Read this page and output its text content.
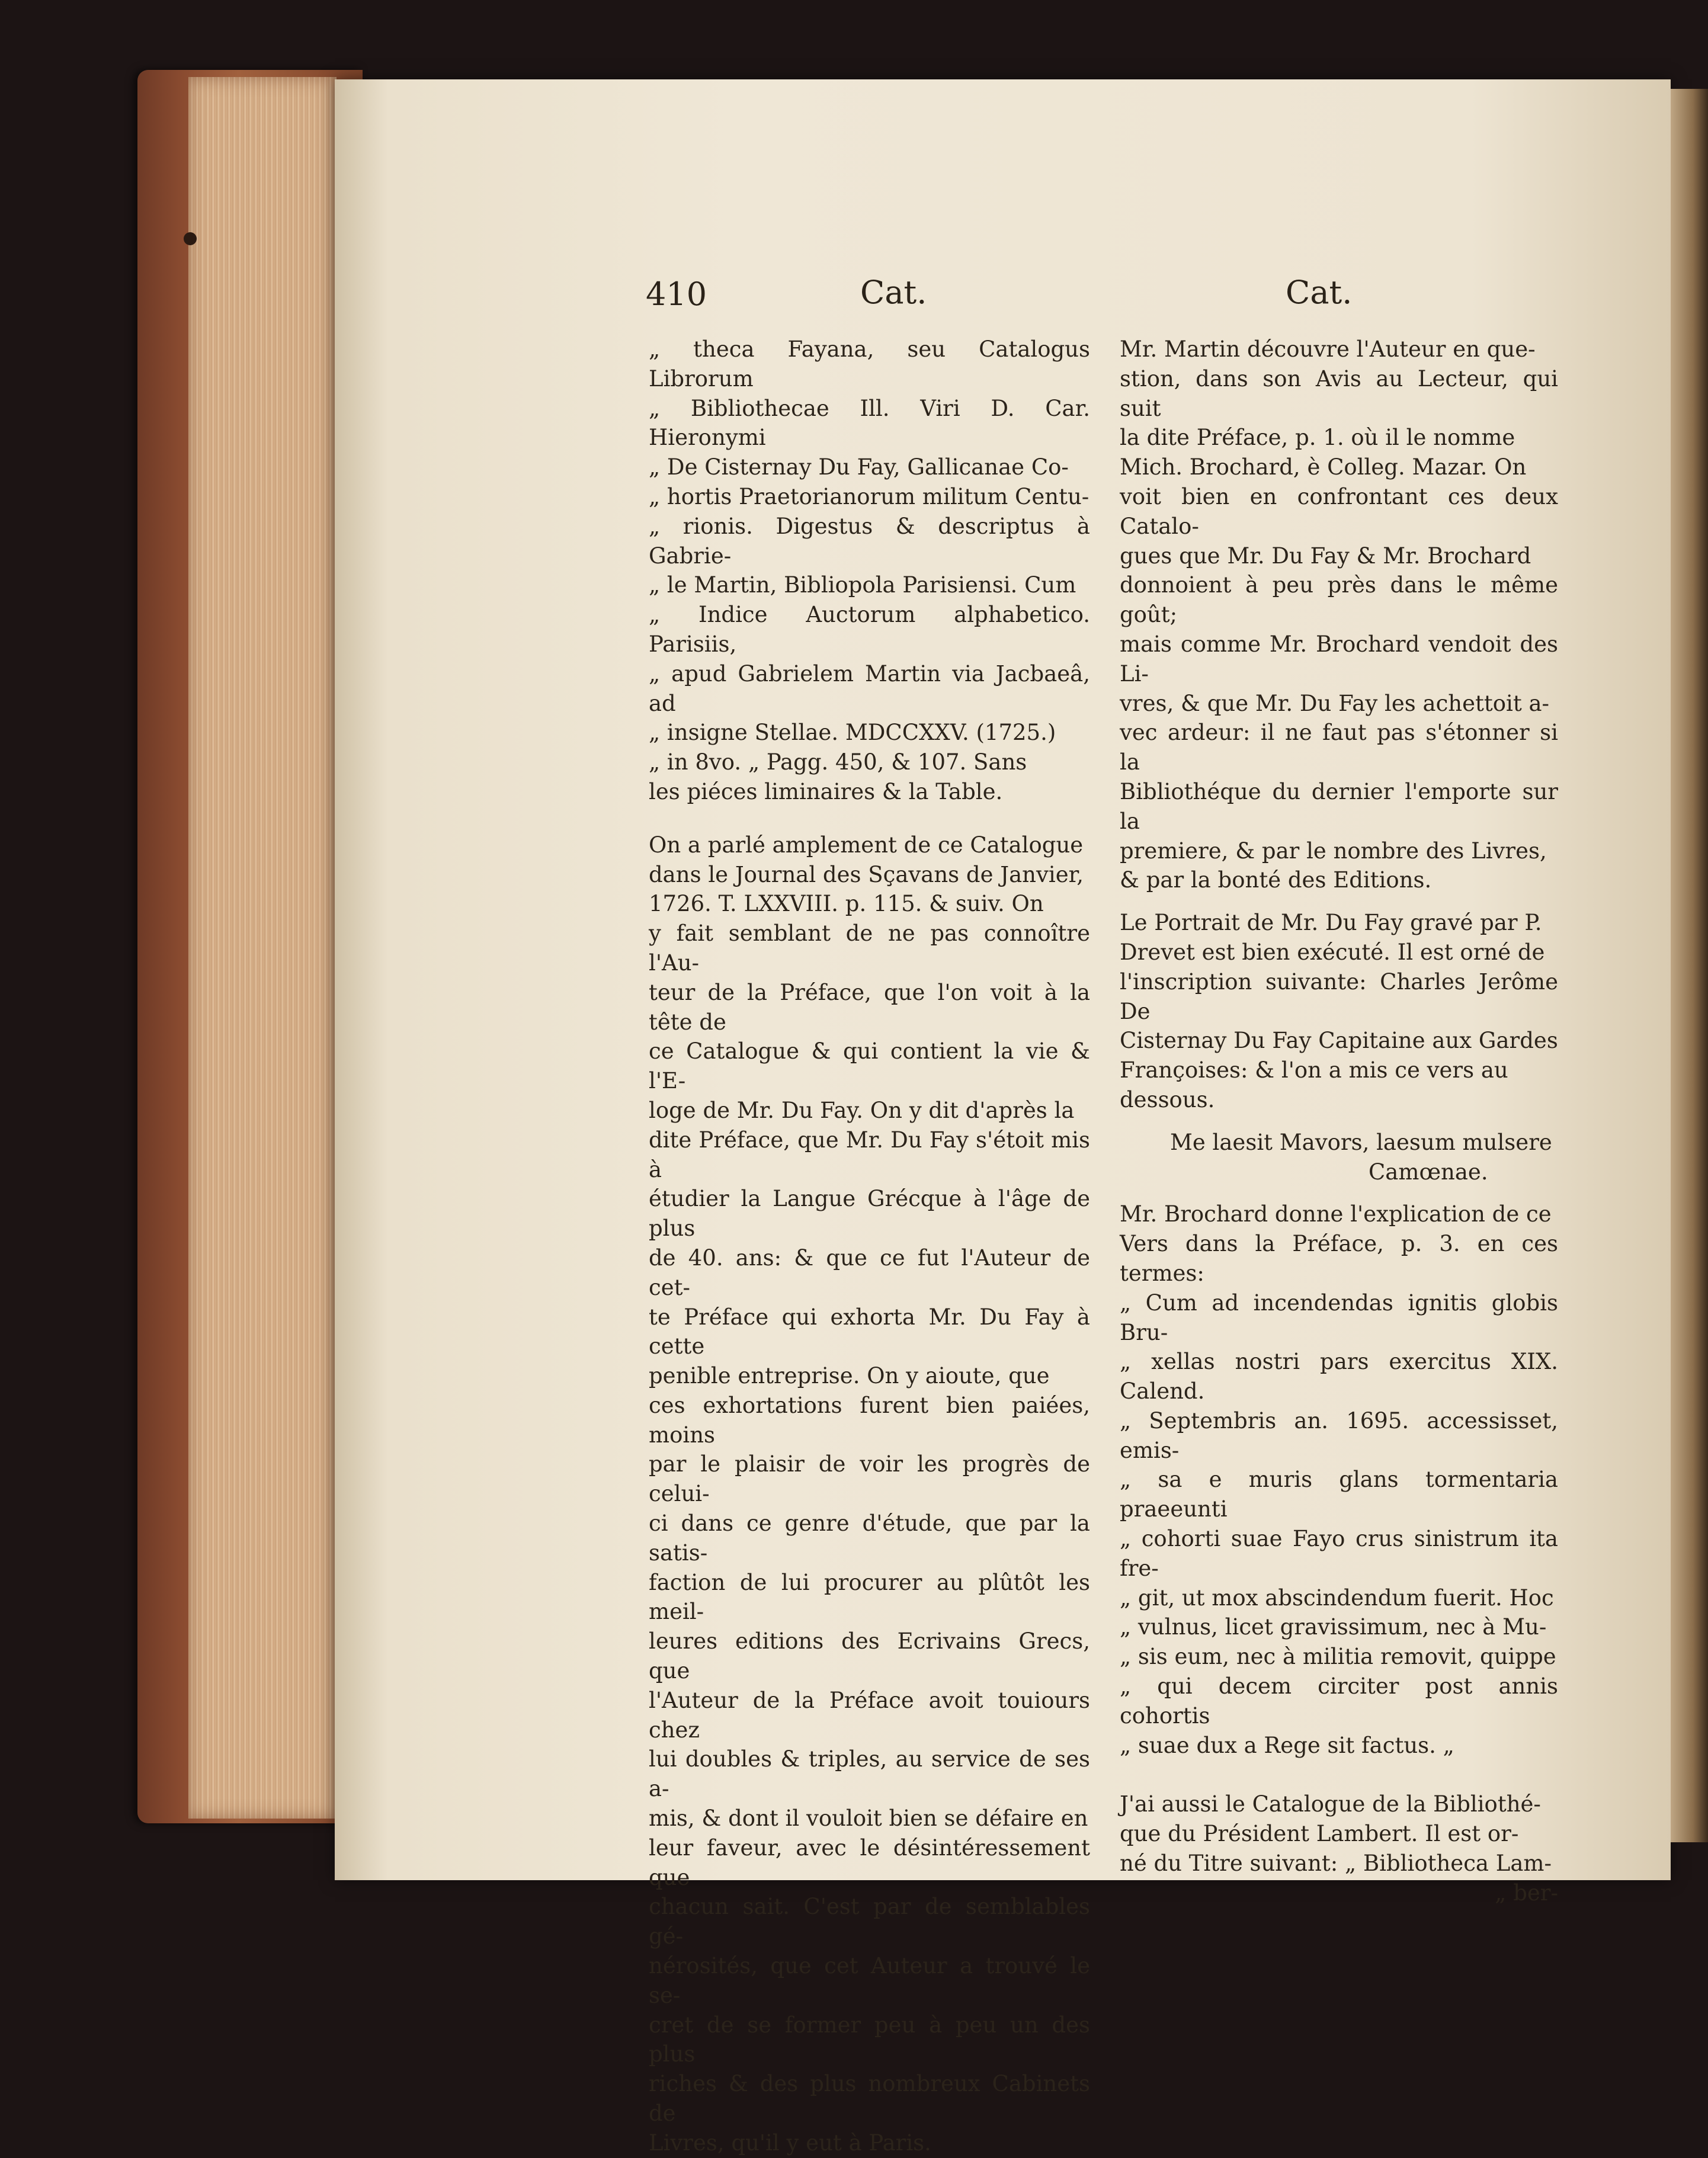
410	Cat.	Cat.

„ theca Fayana, seu Catalogus Librorum

„ Bibliothecae Ill. Viri D. Car. Hieronymi

„ De Cisternay Du Fay, Gallicanae Co-

„ hortis Praetorianorum militum Centu-

„ rionis. Digestus & descriptus à Gabrie-

„ le Martin, Bibliopola Parisiensi. Cum

„ Indice Auctorum alphabetico. Parisiis,

„ apud Gabrielem Martin via Jacbaeâ, ad

„ insigne Stellae. MDCCXXV. (1725.)

„ in 8vo. „ Pagg. 450, & 107. Sans

les piéces liminaires & la Table.

On a parlé amplement de ce Catalogue

dans le Journal des Sçavans de Janvier,

1726. T. LXXVIII. p. 115. & suiv. On

y fait semblant de ne pas connoître l'Au-

teur de la Préface, que l'on voit à la tête de

ce Catalogue & qui contient la vie & l'E-

loge de Mr. Du Fay. On y dit d'après la

dite Préface, que Mr. Du Fay s'étoit mis à

étudier la Langue Grécque à l'âge de plus

de 40. ans: & que ce fut l'Auteur de cet-

te Préface qui exhorta Mr. Du Fay à cette

penible entreprise. On y aioute, que

ces exhortations furent bien paiées, moins

par le plaisir de voir les progrès de celui-

ci dans ce genre d'étude, que par la satis-

faction de lui procurer au plûtôt les meil-

leures editions des Ecrivains Grecs, que

l'Auteur de la Préface avoit touiours chez

lui doubles & triples, au service de ses a-

mis, & dont il vouloit bien se défaire en

leur faveur, avec le désintéressement que

chacun sait. C'est par de semblables gé-

nérosités, que cet Auteur a trouvé le se-

cret de se former peu à peu un des plus

riches & des plus nombreux Cabinets de

Livres, qu'il y eut à Paris.

Mr. Martin découvre l'Auteur en que-

stion, dans son Avis au Lecteur, qui suit

la dite Préface, p. 1. où il le nomme

Mich. Brochard, è Colleg. Mazar. On

voit bien en confrontant ces deux Catalo-

gues que Mr. Du Fay & Mr. Brochard

donnoient à peu près dans le même goût;

mais comme Mr. Brochard vendoit des Li-

vres, & que Mr. Du Fay les achettoit a-

vec ardeur: il ne faut pas s'étonner si la

Bibliothéque du dernier l'emporte sur la

premiere, & par le nombre des Livres,

& par la bonté des Editions.

Le Portrait de Mr. Du Fay gravé par P.

Drevet est bien exécuté. Il est orné de

l'inscription suivante: Charles Jerôme De

Cisternay Du Fay Capitaine aux Gardes

Françoises: & l'on a mis ce vers au

dessous.

Me laesit Mavors, laesum mulsere
Camœnae.

Mr. Brochard donne l'explication de ce

Vers dans la Préface, p. 3. en ces termes:

„ Cum ad incendendas ignitis globis Bru-

„ xellas nostri pars exercitus XIX. Calend.

„ Septembris an. 1695. accessisset, emis-

„ sa e muris glans tormentaria praeeunti

„ cohorti suae Fayo crus sinistrum ita fre-

„ git, ut mox abscindendum fuerit. Hoc

„ vulnus, licet gravissimum, nec à Mu-

„ sis eum, nec à militia removit, quippe

„ qui decem circiter post annis cohortis

„ suae dux a Rege sit factus. „

J'ai aussi le Catalogue de la Bibliothé-

que du Président Lambert. Il est or-

né du Titre suivant: „ Bibliotheca Lam-

„ ber-
